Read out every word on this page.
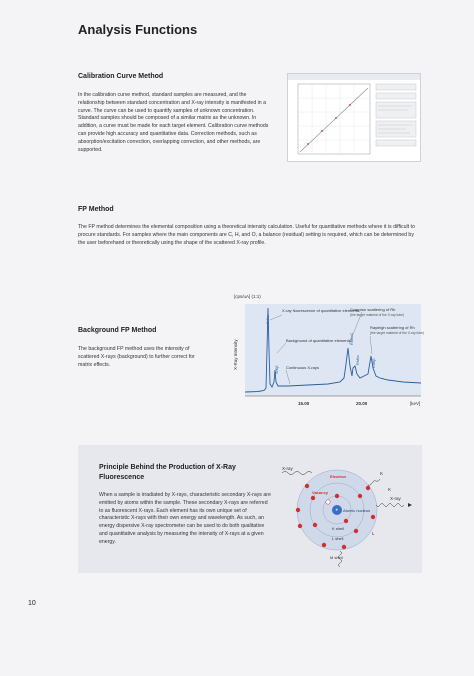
Analysis Functions
Calibration Curve Method

In the calibration curve method, standard samples are measured, and the relationship between standard concentration and X-ray intensity is manifested in a curve. The curve can be used to quantify samples of unknown concentration.

Standard samples should be composed of a similar matrix as the unknown. In addition, a curve must be made for each target element. Calibration curve methods can provide high accuracy and quantitative data. Correction methods, such as absorption/excitation correction, overlapping correction, and other methods, are supported.

FP Method
The FP method determines the elemental composition using a theoretical intensity calculation. Useful for quantitative methods where it is difficult to procure standards. For samples where the main components are C, H, and O, a balance (residual) setting is required, which can be determined by the user beforehand or theoretically using the shape of the scattered X-ray profile.
Background FP Method
The background FP method uses the intensity of scattered X-rays (background) to further correct for matrix effects.
[cps/uA] (1:1)
X-Ray Intensity
15.00	20.00	[keV]
SrKα
SrKβ
RhKαC
RhKα	RhKβ
X-ray fluorescence of quantitative elements
Background of quantitative elements
Continuous X-rays
Compton scattering of Rh
(the target material of the X-ray tube)
Rayleigh scattering of Rh
(the target material of the X-ray tube)
Principle Behind the Production of X-Ray Fluorescence
When a sample is irradiated by X-rays, characteristic secondary X-rays are emitted by atoms within the sample. These secondary X-rays are referred to as fluorescent X-rays. Each element has its own unique set of characteristic X-rays with their own energy and wavelength. As such, an energy dispersive X-ray spectrometer can be used to do both qualitative and quantitative analysis by measuring the intensity of X-rays at a given energy.
+
X-ray
X-ray
Electron
Vacancy
Atomic nucleus
K shell
L shell
M shell
K
K
L
10
